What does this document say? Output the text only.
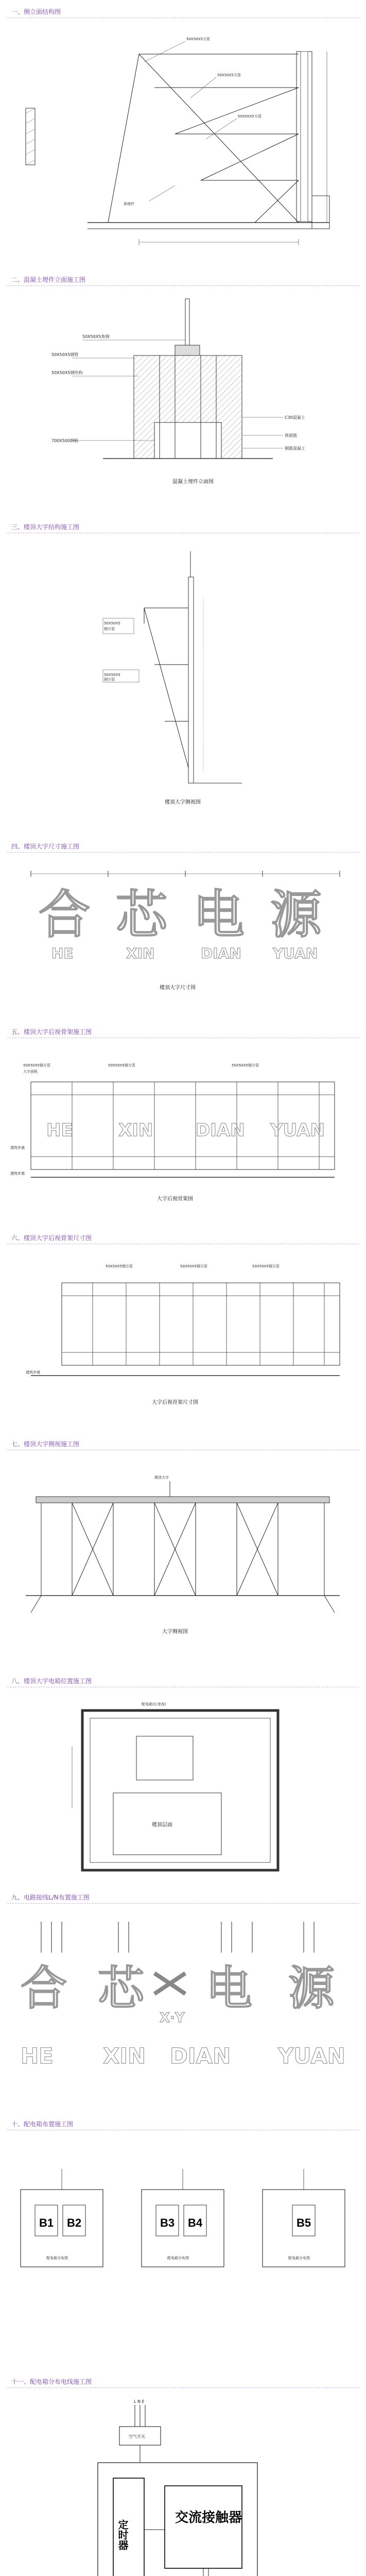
一、侧立面结构图
50X50X5方管
50X50X5方管
50X50X5方管
预埋件
二、混凝土埋件立面施工图
50X50X5角钢
50X50X5钢管
50X50X5钢结构
C30混凝土
预留筋
钢筋混凝土
700X500钢板
混凝土埋件立面图
三、楼顶大字结构施工图
50X50X5
钢方管
50X50X5
钢方管
楼顶大字侧视图
四、楼顶大字尺寸施工图
合 芯 电 源
HE	XIN	DIAN YUAN
楼顶大字尺寸图
五、楼顶大字后视骨架施工图
50X50X5钢方管
大字面板
50X50X5钢方管	50X50X5钢方管
HE	XIN DIAN YUAN
建筑外墙
建筑外墙
大字后视骨架图
六、楼顶大字后视骨架尺寸图
50X50X5钢方管	50X50X5钢方管	50X50X5钢方管
建筑外墙
大字后视骨架尺寸图
七、楼顶大字侧视施工图
楼顶大字
大字侧视图
八、楼顶大字电箱位置施工图
配电箱(长宽高)
楼顶层面
九、电路接线L/N布置施工图
合 芯 电 源
X·Y
HE XIN DIAN YUAN
十、配电箱布置施工图
B1 B2
配电箱分布图
B3 B4
配电箱分布图
B5
配电箱分布图
十一、配电箱分布电线施工图
L N E
空气开关
定时器
交流接触器
